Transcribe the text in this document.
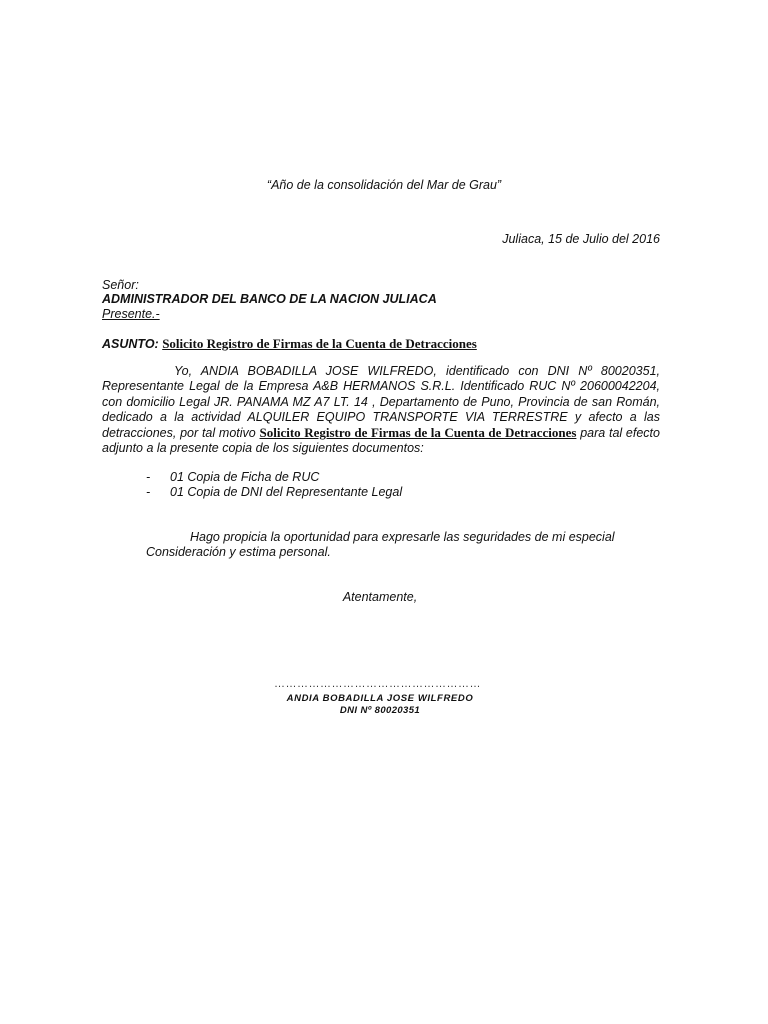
“Año de la consolidación del Mar de Grau”
Juliaca, 15 de Julio del 2016
Señor:
ADMINISTRADOR DEL BANCO DE LA NACION JULIACA
Presente.-
ASUNTO: Solicito Registro de Firmas de la Cuenta de Detracciones
Yo, ANDIA BOBADILLA JOSE WILFREDO, identificado con DNI Nº 80020351, Representante Legal de la Empresa A&B HERMANOS S.R.L. Identificado RUC Nº 20600042204, con domicilio Legal JR. PANAMA MZ A7 LT. 14 , Departamento de Puno, Provincia de san Román, dedicado a la actividad ALQUILER EQUIPO TRANSPORTE VIA TERRESTRE y afecto a las detracciones, por tal motivo Solicito Registro de Firmas de la Cuenta de Detracciones para tal efecto adjunto a la presente copia de los siguientes documentos:
- 01 Copia de Ficha de RUC
- 01 Copia de DNI del Representante Legal
Hago propicia la oportunidad para expresarle las seguridades de mi especial
Consideración y estima personal.
Atentamente,
………………………………………………
ANDIA BOBADILLA JOSE WILFREDO
DNI Nº 80020351
